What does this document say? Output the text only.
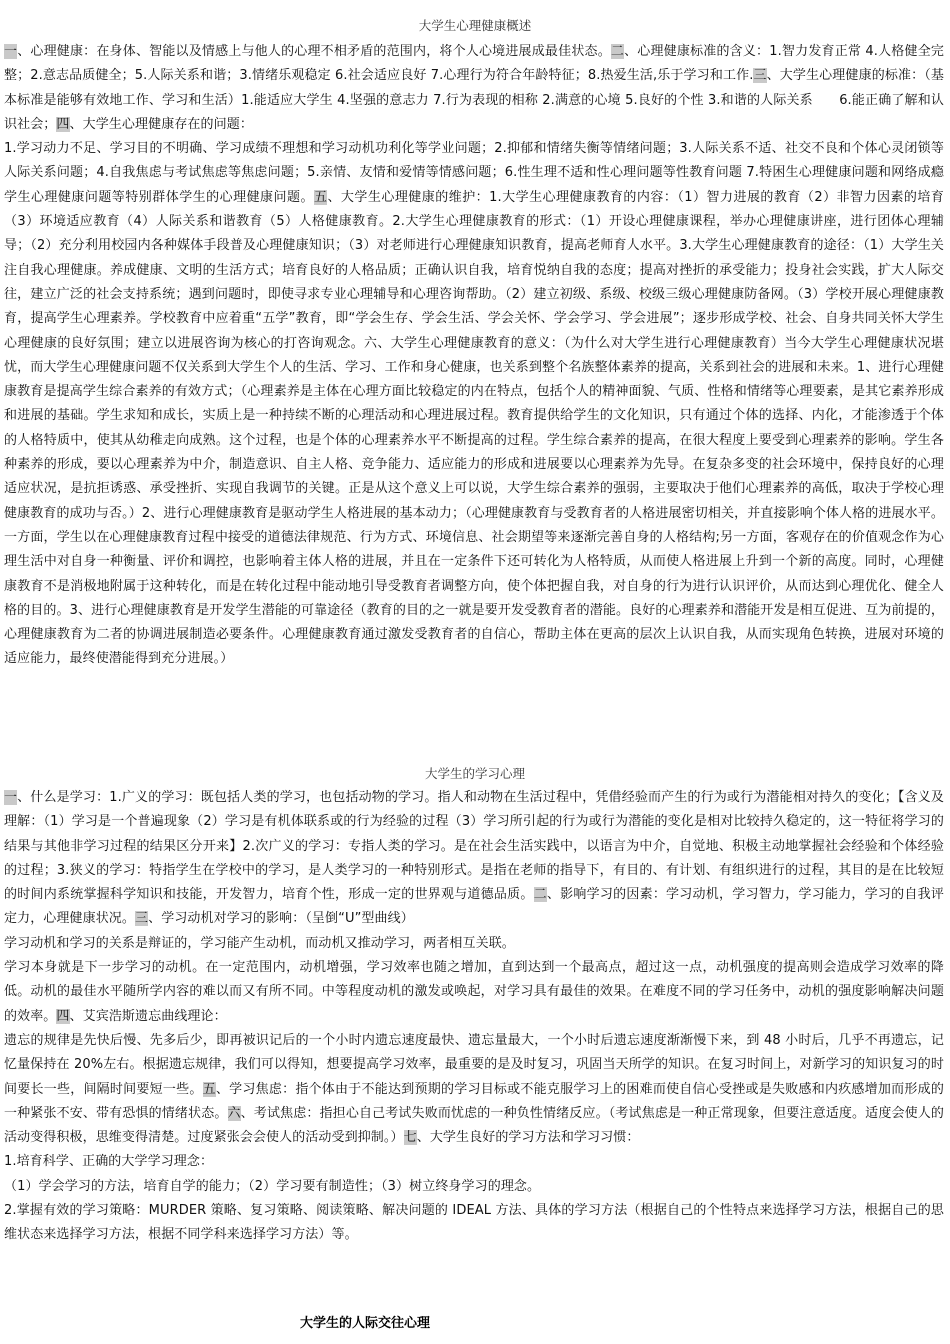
大学生心理健康概述

一、心理健康：在身体、智能以及情感上与他人的心理不相矛盾的范围内，将个人心境进展成最佳状态。二、心理健康标准的含义：1.智力发育正常 4.人格健全完整；2.意志品质健全；5.人际关系和谐；3.情绪乐观稳定 6.社会适应良好 7.心理行为符合年龄特征；8.热爱生活,乐于学习和工作.三、大学生心理健康的标准：（基本标准是能够有效地工作、学习和生活）1.能适应大学生 4.坚强的意志力 7.行为表现的相称 2.满意的心境 5.良好的个性 3.和谐的人际关系　　6.能正确了解和认识社会；四、大学生心理健康存在的问题：

1.学习动力不足、学习目的不明确、学习成绩不理想和学习动机功利化等学业问题；2.抑郁和情绪失衡等情绪问题；3.人际关系不适、社交不良和个体心灵闭锁等人际关系问题；4.自我焦虑与考试焦虑等焦虑问题；5.亲情、友情和爱情等情感问题；6.性生理不适和性心理问题等性教育问题 7.特困生心理健康问题和网络成瘾学生心理健康问题等特别群体学生的心理健康问题。五、大学生心理健康的维护：1.大学生心理健康教育的内容：（1）智力进展的教育（2）非智力因素的培育（3）环境适应教育（4）人际关系和谐教育（5）人格健康教育。2.大学生心理健康教育的形式：（1）开设心理健康课程，举办心理健康讲座，进行团体心理辅导；（2）充分利用校园内各种媒体手段普及心理健康知识；（3）对老师进行心理健康知识教育，提高老师育人水平。3.大学生心理健康教育的途径：（1）大学生关注自我心理健康。养成健康、文明的生活方式；培育良好的人格品质；正确认识自我，培育悦纳自我的态度；提高对挫折的承受能力；投身社会实践，扩大人际交往，建立广泛的社会支持系统；遇到问题时，即使寻求专业心理辅导和心理咨询帮助。（2）建立初级、系级、校级三级心理健康防备网。（3）学校开展心理健康教育，提高学生心理素养。学校教育中应着重“五学”教育，即“学会生存、学会生活、学会关怀、学会学习、学会进展”；逐步形成学校、社会、自身共同关怀大学生心理健康的良好氛围；建立以进展咨询为核心的打咨询观念。六、大学生心理健康教育的意义：（为什么对大学生进行心理健康教育）当今大学生心理健康状况堪忧，而大学生心理健康问题不仅关系到大学生个人的生活、学习、工作和身心健康，也关系到整个名族整体素养的提高，关系到社会的进展和未来。1、进行心理健康教育是提高学生综合素养的有效方式；（心理素养是主体在心理方面比较稳定的内在特点，包括个人的精神面貌、气质、性格和情绪等心理要素，是其它素养形成和进展的基础。学生求知和成长，实质上是一种持续不断的心理活动和心理进展过程。教育提供给学生的文化知识，只有通过个体的选择、内化，才能渗透于个体的人格特质中，使其从幼稚走向成熟。这个过程，也是个体的心理素养水平不断提高的过程。学生综合素养的提高，在很大程度上要受到心理素养的影响。学生各种素养的形成，要以心理素养为中介，制造意识、自主人格、竞争能力、适应能力的形成和进展要以心理素养为先导。在复杂多变的社会环境中，保持良好的心理适应状况，是抗拒诱惑、承受挫折、实现自我调节的关键。正是从这个意义上可以说，大学生综合素养的强弱，主要取决于他们心理素养的高低，取决于学校心理健康教育的成功与否。）2、进行心理健康教育是驱动学生人格进展的基本动力；（心理健康教育与受教育者的人格进展密切相关，并直接影响个体人格的进展水平。一方面，学生以在心理健康教育过程中接受的道德法律规范、行为方式、环境信息、社会期望等来逐渐完善自身的人格结构;另一方面，客观存在的价值观念作为心理生活中对自身一种衡量、评价和调控，也影响着主体人格的进展，并且在一定条件下还可转化为人格特质，从而使人格进展上升到一个新的高度。同时，心理健康教育不是消极地附属于这种转化，而是在转化过程中能动地引导受教育者调整方向，使个体把握自我，对自身的行为进行认识评价，从而达到心理优化、健全人格的目的。3、进行心理健康教育是开发学生潜能的可靠途径（教育的目的之一就是要开发受教育者的潜能。良好的心理素养和潜能开发是相互促进、互为前提的，心理健康教育为二者的协调进展制造必要条件。心理健康教育通过激发受教育者的自信心，帮助主体在更高的层次上认识自我，从而实现角色转换，进展对环境的适应能力，最终使潜能得到充分进展。）

大学生的学习心理

一、什么是学习：1.广义的学习：既包括人类的学习，也包括动物的学习。指人和动物在生活过程中，凭借经验而产生的行为或行为潜能相对持久的变化；【含义及理解：（1）学习是一个普遍现象（2）学习是有机体联系或的行为经验的过程（3）学习所引起的行为或行为潜能的变化是相对比较持久稳定的，这一特征将学习的结果与其他非学习过程的结果区分开来】2.次广义的学习：专指人类的学习。是在社会生活实践中，以语言为中介，自觉地、积极主动地掌握社会经验和个体经验的过程；3.狭义的学习：特指学生在学校中的学习，是人类学习的一种特别形式。是指在老师的指导下，有目的、有计划、有组织进行的过程，其目的是在比较短的时间内系统掌握科学知识和技能，开发智力，培育个性，形成一定的世界观与道德品质。二、影响学习的因素：学习动机，学习智力，学习能力，学习的自我评定力，心理健康状况。三、学习动机对学习的影响：（呈倒“U”型曲线）

学习动机和学习的关系是辩证的，学习能产生动机，而动机又推动学习，两者相互关联。

学习本身就是下一步学习的动机。在一定范围内，动机增强，学习效率也随之增加，直到达到一个最高点，超过这一点，动机强度的提高则会造成学习效率的降低。动机的最佳水平随所学内容的难以而又有所不同。中等程度动机的激发或唤起，对学习具有最佳的效果。在难度不同的学习任务中，动机的强度影响解决问题的效率。四、艾宾浩斯遗忘曲线理论：

遗忘的规律是先快后慢、先多后少，即再被识记后的一个小时内遗忘速度最快、遗忘量最大，一个小时后遗忘速度渐渐慢下来，到 48 小时后，几乎不再遗忘，记忆量保持在 20%左右。根据遗忘规律，我们可以得知，想要提高学习效率，最重要的是及时复习，巩固当天所学的知识。在复习时间上，对新学习的知识复习的时间要长一些，间隔时间要短一些。五、学习焦虑：指个体由于不能达到预期的学习目标或不能克服学习上的困难而使自信心受挫或是失败感和内疚感增加而形成的一种紧张不安、带有恐惧的情绪状态。六、考试焦虑：指担心自己考试失败而忧虑的一种负性情绪反应。（考试焦虑是一种正常现象，但要注意适度。适度会使人的活动变得积极，思维变得清楚。过度紧张会会使人的活动受到抑制。）七、大学生良好的学习方法和学习习惯：

1.培育科学、正确的大学学习理念：

（1）学会学习的方法，培育自学的能力；（2）学习要有制造性；（3）树立终身学习的理念。

2.掌握有效的学习策略：MURDER 策略、复习策略、阅读策略、解决问题的 IDEAL 方法、具体的学习方法（根据自己的个性特点来选择学习方法，根据自己的思维状态来选择学习方法，根据不同学科来选择学习方法）等。

大学生的人际交往心理
